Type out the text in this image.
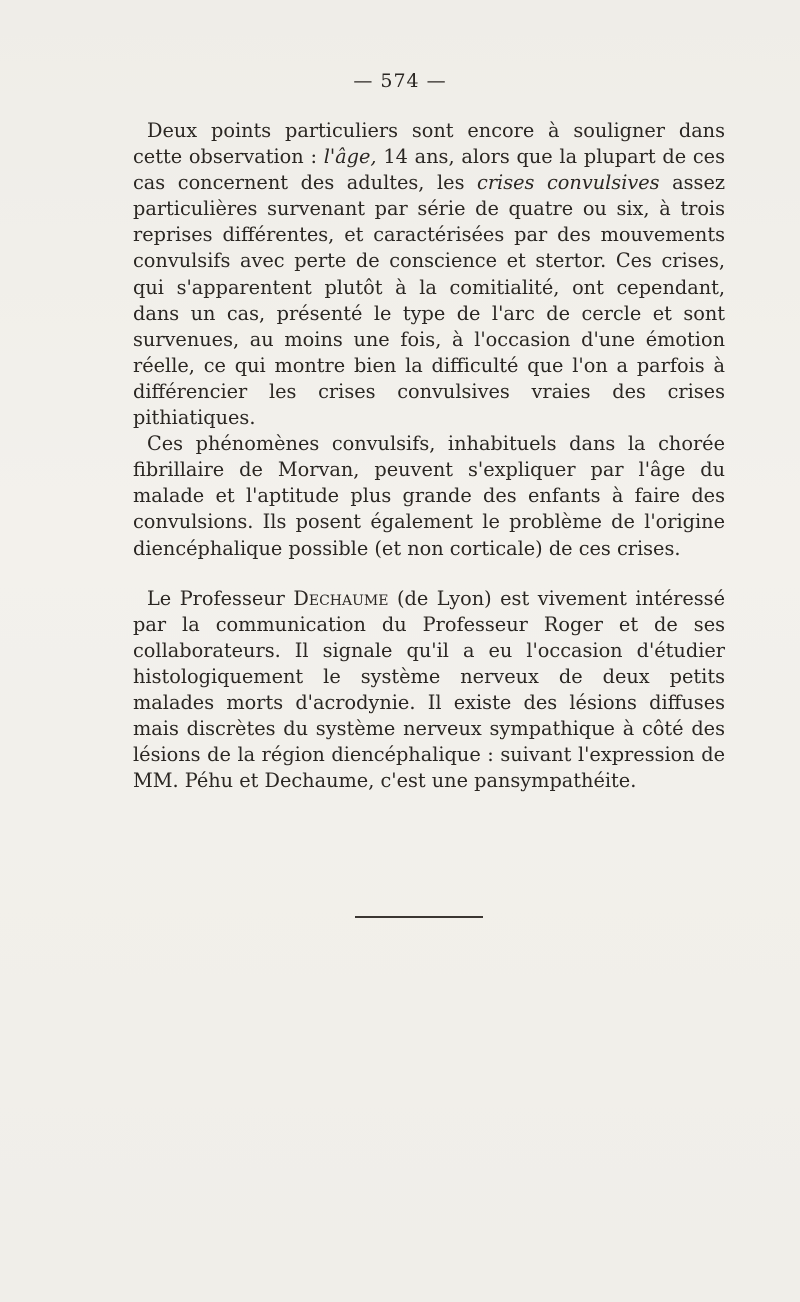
— 574 —

Deux points particuliers sont encore à souligner dans cette observation : l'âge, 14 ans, alors que la plupart de ces cas concernent des adultes, les crises convulsives assez particulières survenant par série de quatre ou six, à trois reprises différentes, et caractérisées par des mouvements convulsifs avec perte de conscience et stertor. Ces crises, qui s'apparentent plutôt à la comitialité, ont cependant, dans un cas, présenté le type de l'arc de cercle et sont survenues, au moins une fois, à l'occasion d'une émotion réelle, ce qui montre bien la difficulté que l'on a parfois à différencier les crises convulsives vraies des crises pithiatiques.

Ces phénomènes convulsifs, inhabituels dans la chorée fibrillaire de Morvan, peuvent s'expliquer par l'âge du malade et l'aptitude plus grande des enfants à faire des convulsions. Ils posent également le problème de l'origine diencéphalique possible (et non corticale) de ces crises.

Le Professeur Dechaume (de Lyon) est vivement intéressé par la communication du Professeur Roger et de ses collaborateurs. Il signale qu'il a eu l'occasion d'étudier histologiquement le système nerveux de deux petits malades morts d'acrodynie. Il existe des lésions diffuses mais discrètes du système nerveux sympathique à côté des lésions de la région diencéphalique : suivant l'expression de MM. Péhu et Dechaume, c'est une pansympathéite.
